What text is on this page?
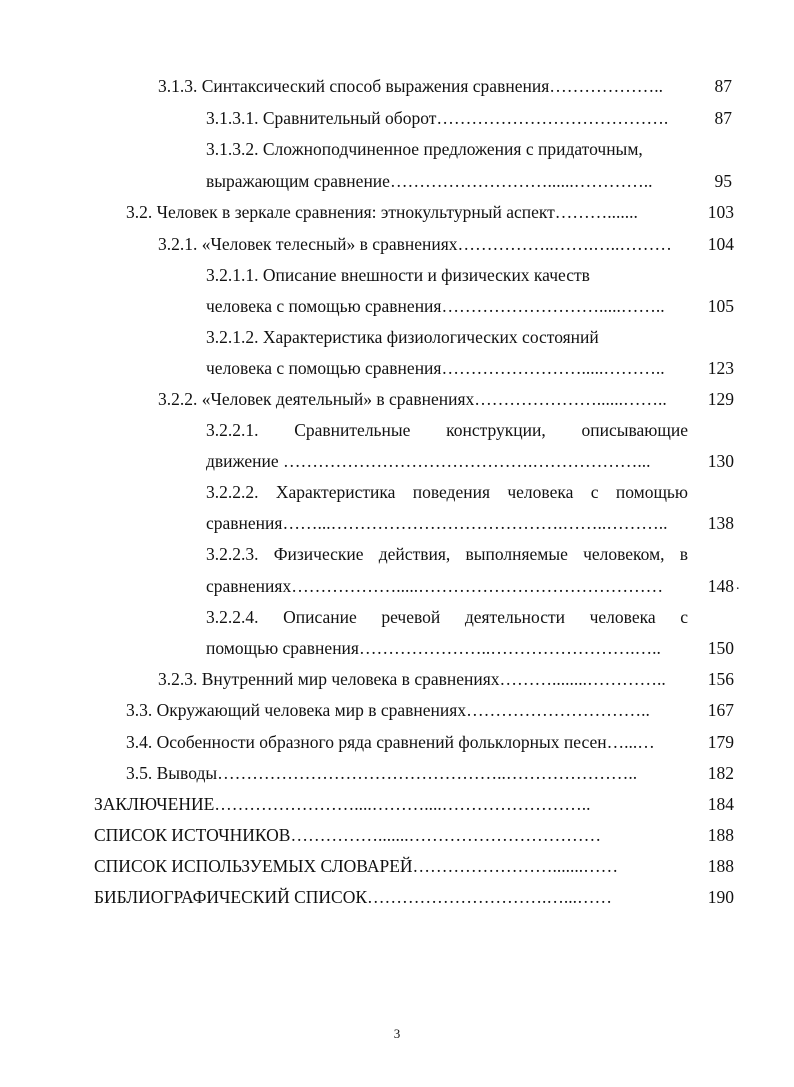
3.1.3. Синтаксический способ выражения сравнения………………..	87
3.1.3.1. Сравнительный оборот………………………………….	87
3.1.3.2. Сложноподчиненное предложения с придаточным,
выражающим сравнение………………………......…………..	95
3.2. Человек в зеркале сравнения: этнокультурный аспект……….......	103
3.2.1. «Человек телесный» в сравнениях……………..…….…..………	104
3.2.1.1. Описание внешности и физических качеств
человека с помощью сравнения……………………….....……..	105
3.2.1.2. Характеристика физиологических состояний
человека с помощью сравнения…………………….....………..	123
3.2.2. «Человек деятельный» в сравнениях…………………......……..	129
3.2.2.1. Сравнительные конструкции, описывающие
движение …………………………………….………………...	130
3.2.2.2. Характеристика поведения человека с помощью
сравнения……...………………………………….……..………..	138
3.2.2.3. Физические действия, выполняемые человеком, в
сравнениях……………….....……………………………………	148 .
3.2.2.4. Описание речевой деятельности человека с
помощью сравнения…………………..…………………….…..	150
3.2.3. Внутренний мир человека в сравнениях………........…………..	156
3.3. Окружающий человека мир в сравнениях…………………………..	167
3.4. Особенности образного ряда сравнений фольклорных песен…...…	179
3.5. Выводы…………………………………………..…………………..	182
ЗАКЛЮЧЕНИЕ……………………....………....……………………..	184
СПИСОК ИСТОЧНИКОВ…………….......……………………………	188
СПИСОК ИСПОЛЬЗУЕМЫХ СЛОВАРЕЙ…………………….......……	188
БИБЛИОГРАФИЧЕСКИЙ СПИСОК………………………….…...……	190
3
